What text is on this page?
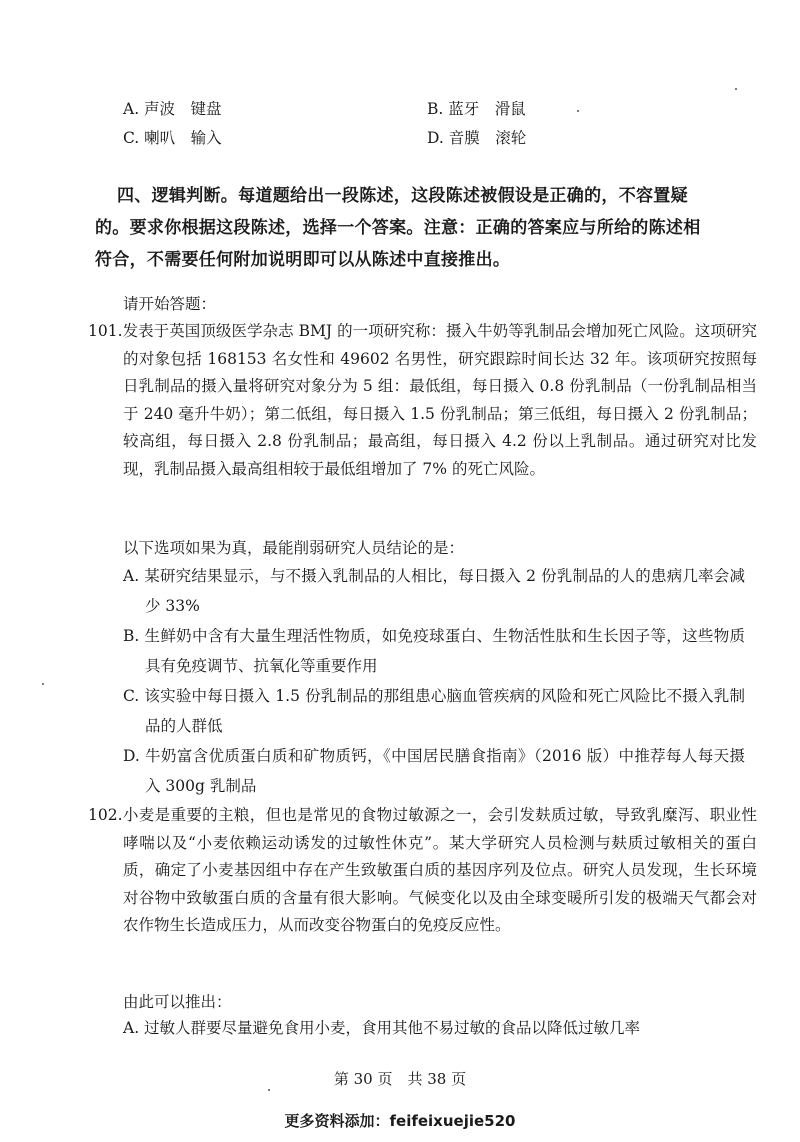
A. 声波　键盘	B. 蓝牙　滑鼠
C. 喇叭　输入	D. 音膜　滚轮
四、逻辑判断。每道题给出一段陈述，这段陈述被假设是正确的，不容置疑的。要求你根据这段陈述，选择一个答案。注意：正确的答案应与所给的陈述相符合，不需要任何附加说明即可以从陈述中直接推出。
请开始答题：
101.发表于英国顶级医学杂志 BMJ 的一项研究称：摄入牛奶等乳制品会增加死亡风险。这项研究的对象包括 168153 名女性和 49602 名男性，研究跟踪时间长达 32 年。该项研究按照每日乳制品的摄入量将研究对象分为 5 组：最低组，每日摄入 0.8 份乳制品（一份乳制品相当于 240 毫升牛奶）；第二低组，每日摄入 1.5 份乳制品；第三低组，每日摄入 2 份乳制品；较高组，每日摄入 2.8 份乳制品；最高组，每日摄入 4.2 份以上乳制品。通过研究对比发现，乳制品摄入最高组相较于最低组增加了 7% 的死亡风险。
以下选项如果为真，最能削弱研究人员结论的是：
A. 某研究结果显示，与不摄入乳制品的人相比，每日摄入 2 份乳制品的人的患病几率会减少 33%
B. 生鲜奶中含有大量生理活性物质，如免疫球蛋白、生物活性肽和生长因子等，这些物质具有免疫调节、抗氧化等重要作用
C. 该实验中每日摄入 1.5 份乳制品的那组患心脑血管疾病的风险和死亡风险比不摄入乳制品的人群低
D. 牛奶富含优质蛋白质和矿物质钙，《中国居民膳食指南》（2016 版）中推荐每人每天摄入 300g 乳制品
102.小麦是重要的主粮，但也是常见的食物过敏源之一，会引发麸质过敏，导致乳糜泻、职业性哮喘以及“小麦依赖运动诱发的过敏性休克”。某大学研究人员检测与麸质过敏相关的蛋白质，确定了小麦基因组中存在产生致敏蛋白质的基因序列及位点。研究人员发现，生长环境对谷物中致敏蛋白质的含量有很大影响。气候变化以及由全球变暖所引发的极端天气都会对农作物生长造成压力，从而改变谷物蛋白的免疫反应性。
由此可以推出：
A. 过敏人群要尽量避免食用小麦，食用其他不易过敏的食品以降低过敏几率
第 30 页　共 38 页
更多资料添加：feifeixuejie520
